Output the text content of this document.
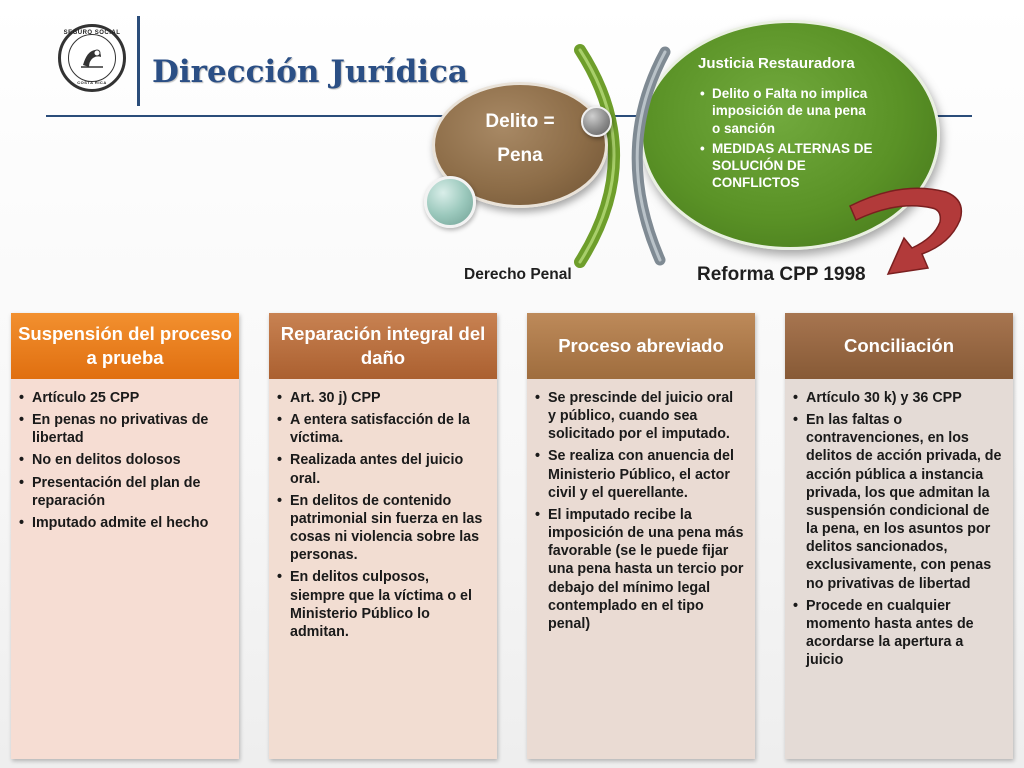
SEGURO SOCIAL
COSTA RICA	Dirección Jurídica	Justicia Restauradora
• Delito o Falta no implica imposición de una pena o sanción
• MEDIDAS ALTERNAS DE SOLUCIÓN DE CONFLICTOS
Delito =
Pena
Derecho Penal	Reforma CPP 1998
Suspensión del proceso a prueba
• Artículo 25 CPP
• En penas no privativas de libertad
• No en delitos dolosos
• Presentación del plan de reparación
• Imputado admite el hecho
Reparación integral del daño
• Art. 30 j) CPP
• A entera satisfacción de la víctima.
• Realizada antes del juicio oral.
• En delitos de contenido patrimonial sin fuerza en las cosas ni violencia sobre las personas.
• En delitos culposos, siempre que la víctima o el Ministerio Público lo admitan.
Proceso abreviado
• Se prescinde del juicio oral y público, cuando sea solicitado por el imputado.
• Se realiza con anuencia del Ministerio Público, el actor civil y el querellante.
• El imputado recibe la imposición de una pena más favorable (se le puede fijar una pena hasta un tercio por debajo del mínimo legal contemplado en el tipo penal)
Conciliación
• Artículo 30 k) y 36 CPP
• En las faltas o contravenciones, en los delitos de acción privada, de acción pública a instancia privada, los que admitan la suspensión condicional de la pena, en los asuntos por delitos sancionados, exclusivamente, con penas no privativas de libertad
• Procede en cualquier momento hasta antes de acordarse la apertura a juicio
